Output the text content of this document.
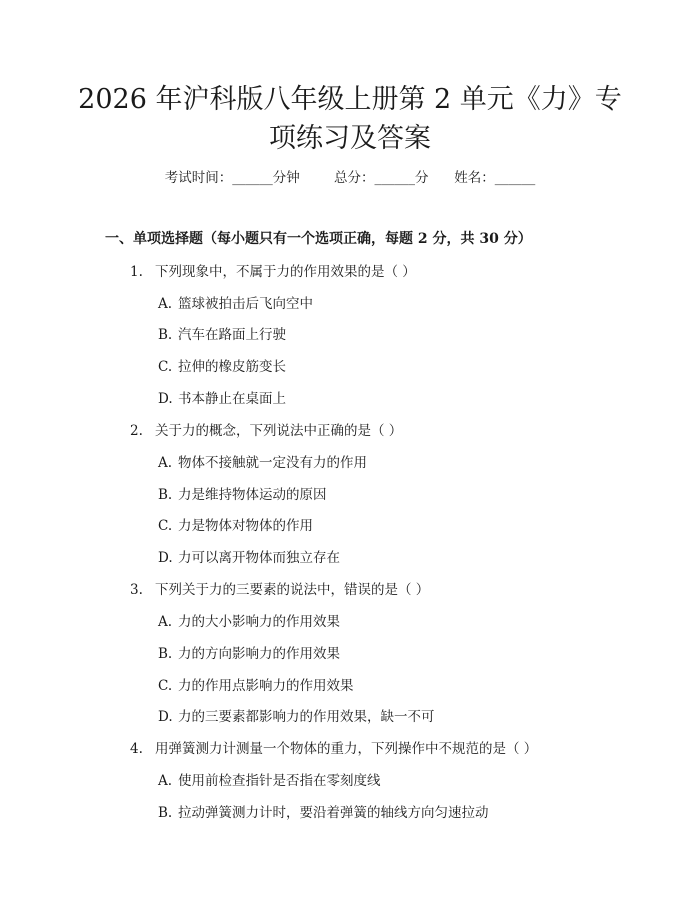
2026 年沪科版八年级上册第 2 单元《力》专
项练习及答案
考试时间：______分钟	总分：______分 姓名：______
一、单项选择题（每小题只有一个选项正确，每题 2 分，共 30 分）
1. 下列现象中，不属于力的作用效果的是（ ）
A. 篮球被拍击后飞向空中
B. 汽车在路面上行驶
C. 拉伸的橡皮筋变长
D. 书本静止在桌面上
2. 关于力的概念，下列说法中正确的是（ ）
A. 物体不接触就一定没有力的作用
B. 力是维持物体运动的原因
C. 力是物体对物体的作用
D. 力可以离开物体而独立存在
3. 下列关于力的三要素的说法中，错误的是（ ）
A. 力的大小影响力的作用效果
B. 力的方向影响力的作用效果
C. 力的作用点影响力的作用效果
D. 力的三要素都影响力的作用效果，缺一不可
4. 用弹簧测力计测量一个物体的重力，下列操作中不规范的是（ ）
A. 使用前检查指针是否指在零刻度线
B. 拉动弹簧测力计时，要沿着弹簧的轴线方向匀速拉动
